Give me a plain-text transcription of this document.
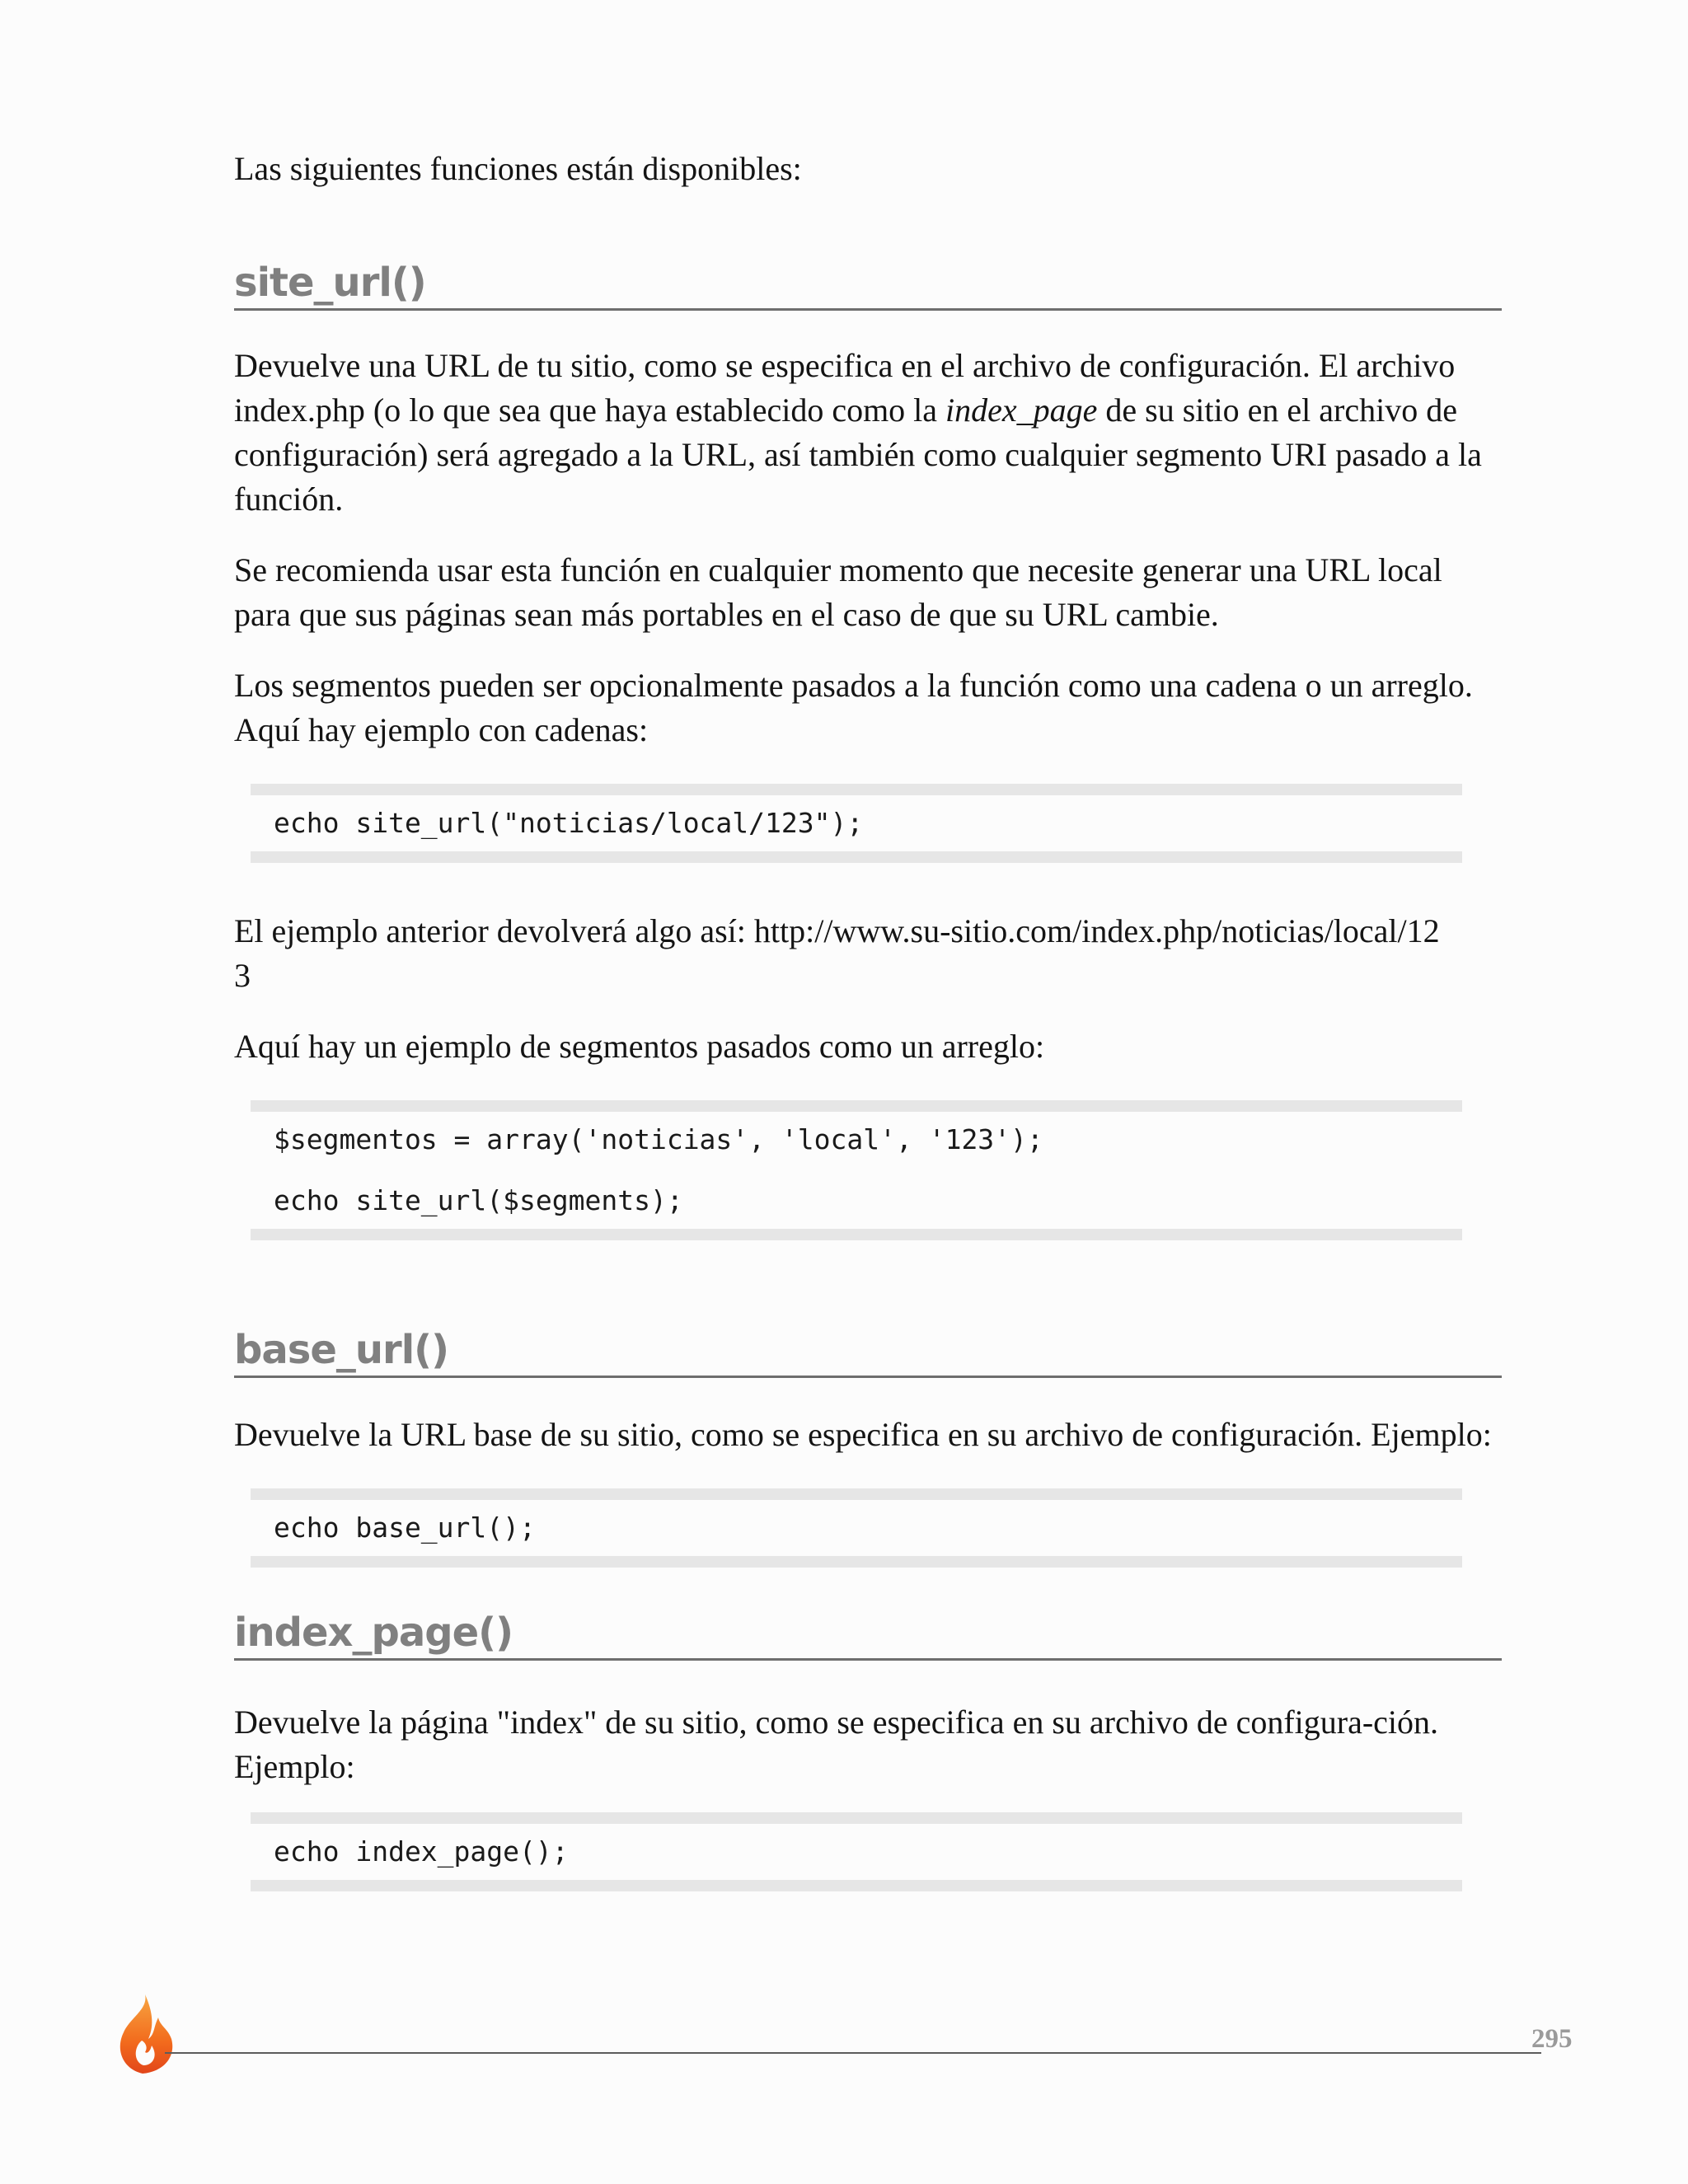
Las siguientes funciones están disponibles:

site_url()

Devuelve una URL de tu sitio, como se especifica en el archivo de configuración. El archivo index.php (o lo que sea que haya establecido como la index_page de su sitio en el archivo de configuración) será agregado a la URL, así también como cualquier segmento URI pasado a la función.

Se recomienda usar esta función en cualquier momento que necesite generar una URL local para que sus páginas sean más portables en el caso de que su URL cambie.

Los segmentos pueden ser opcionalmente pasados a la función como una cadena o un arreglo. Aquí hay ejemplo con cadenas:

echo site_url("noticias/local/123");

El ejemplo anterior devolverá algo así: http://www.su-sitio.com/index.php/noticias/local/123

Aquí hay un ejemplo de segmentos pasados como un arreglo:

$segmentos = array('noticias', 'local', '123');
echo site_url($segments);
base_url()

Devuelve la URL base de su sitio, como se especifica en su archivo de configuración. Ejemplo:

echo base_url();
index_page()

Devuelve la página "index" de su sitio, como se especifica en su archivo de configura-ción. Ejemplo:

echo index_page();
295
